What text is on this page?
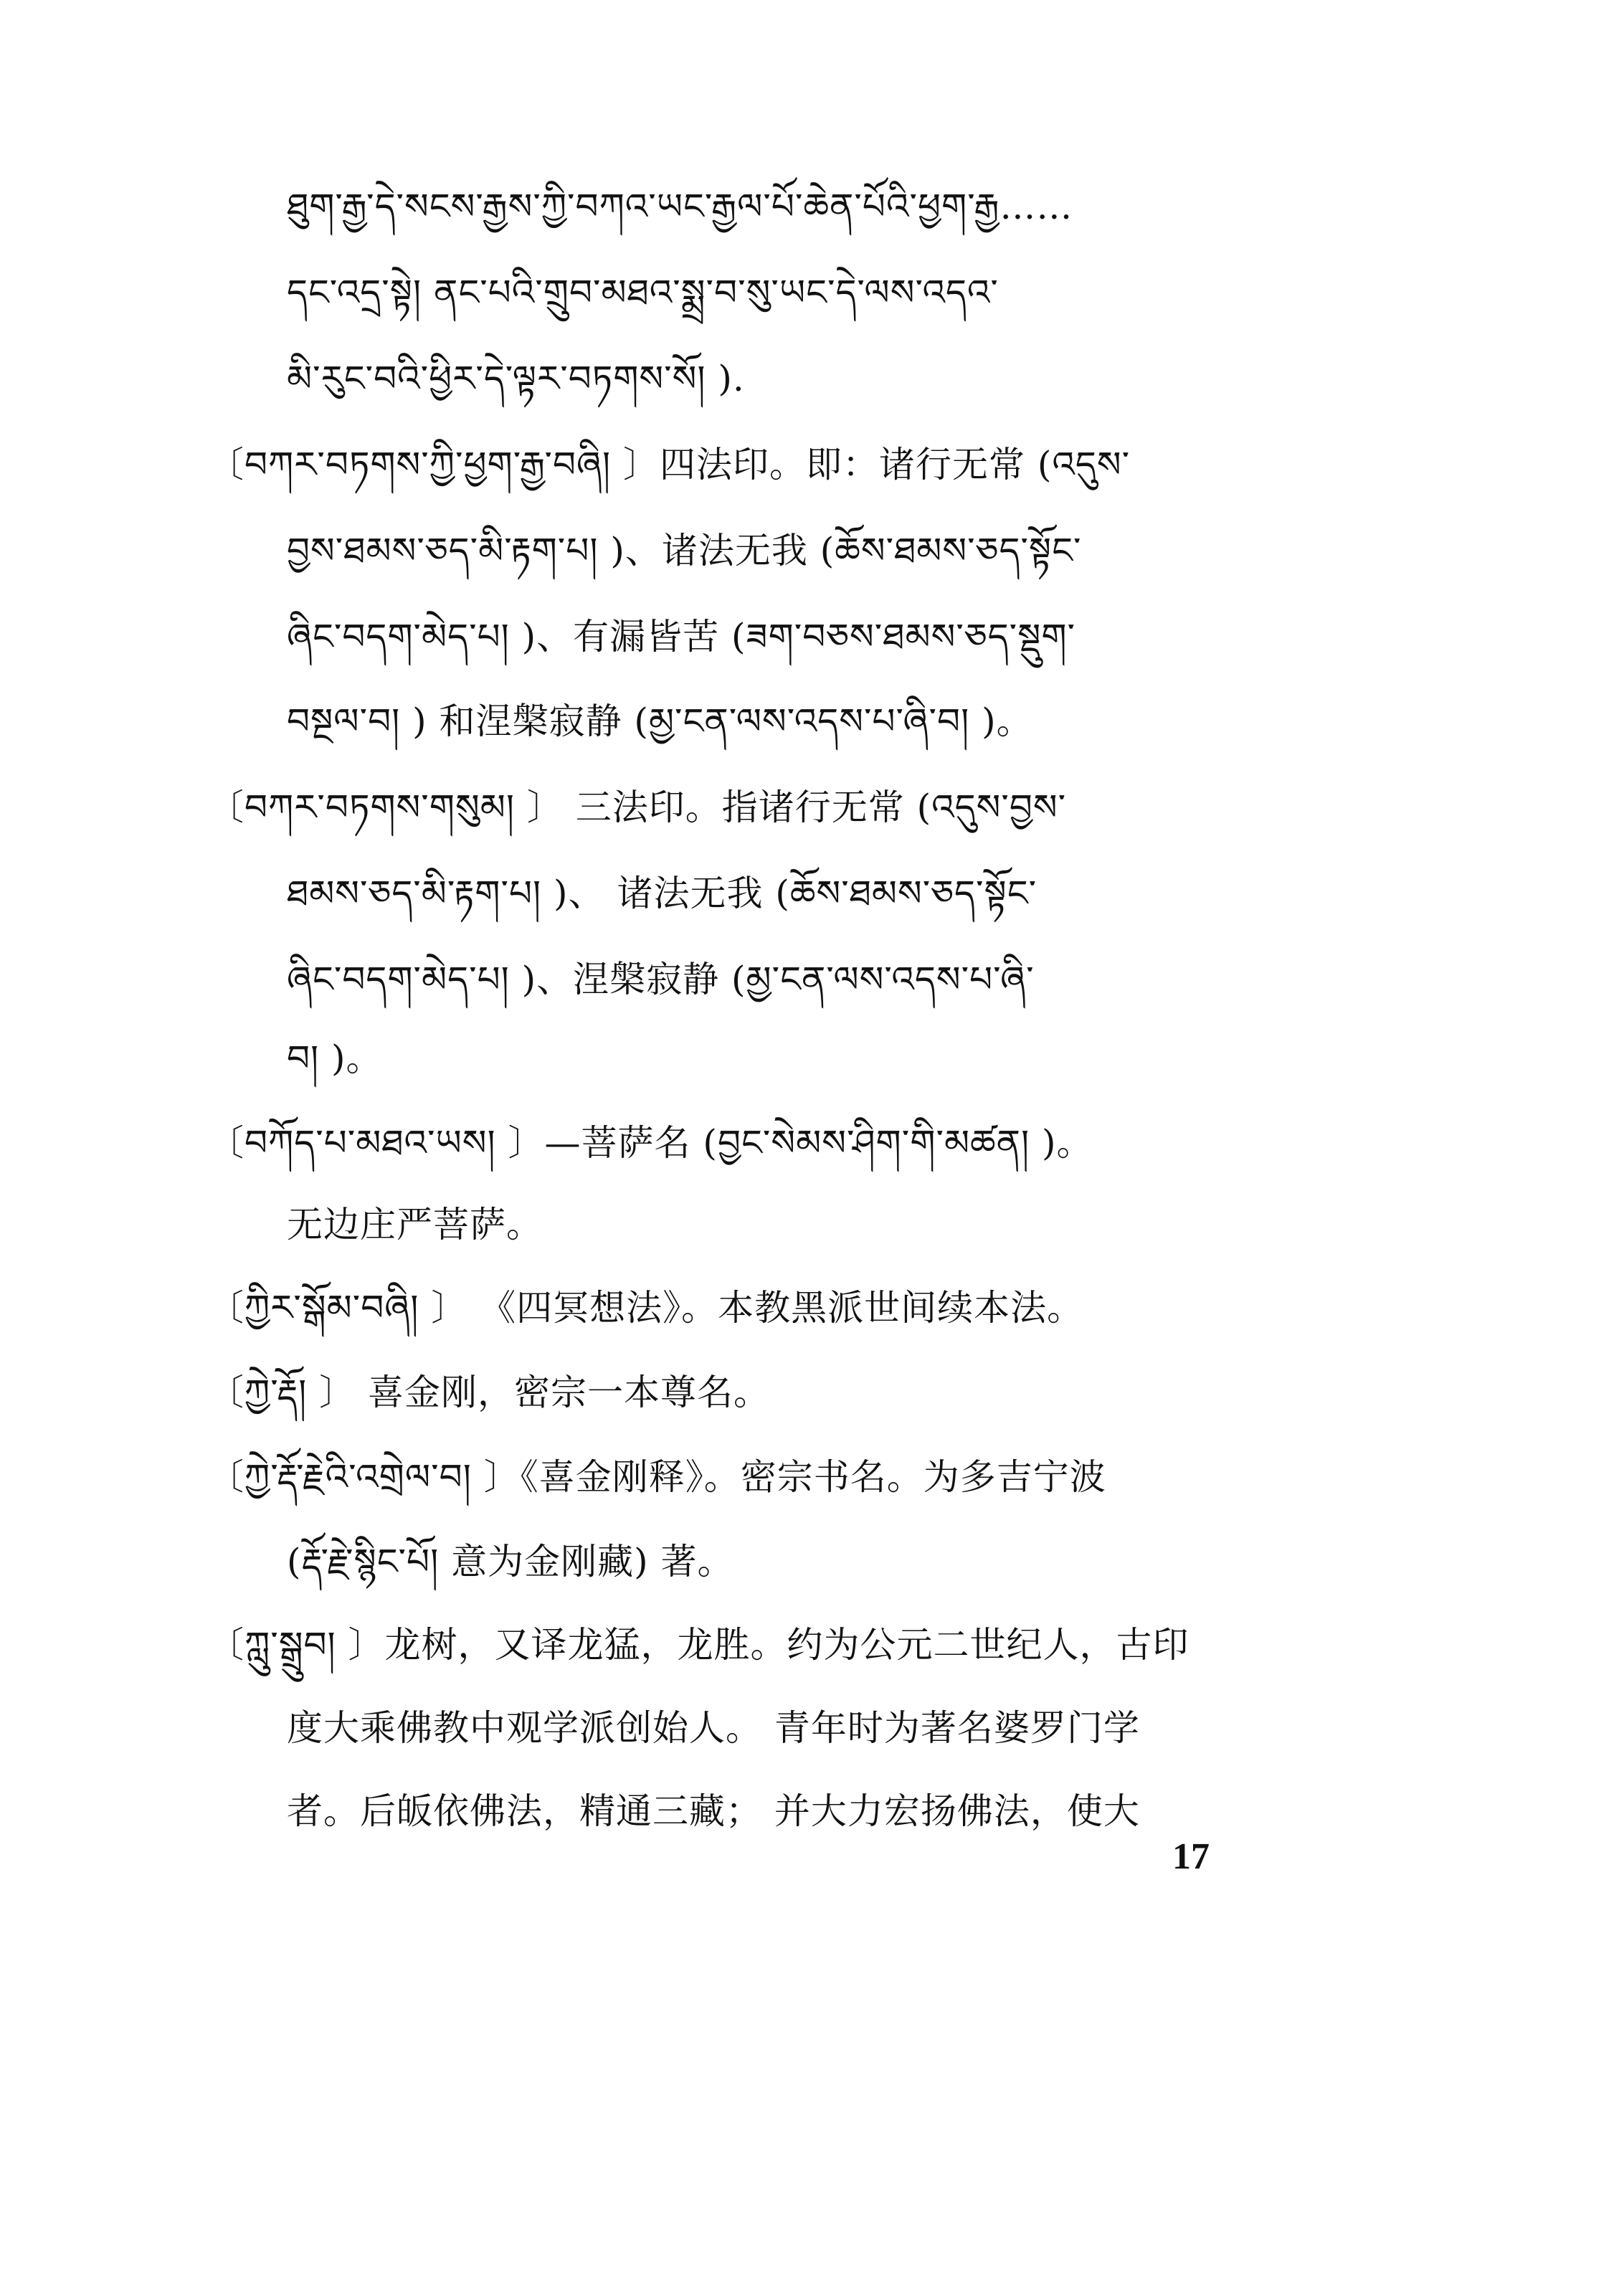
ཐུག་རྒྱ་དེ་སངས་རྒྱས་ཀྱི་བཀའ་ཡང་རྒྱལ་པོ་ཆེན་པོའི་ཕྱག་རྒྱ……
དང་འདྲ་སྟེ། ནང་པའི་གྲུབ་མཐའ་སྨྲ་བ་སུ་ཡང་དེ་ལས་འདའ་
མི་རུང་བའི་ཕྱིར་དེ་ལྟར་བཏགས་སོ། ).
〔བཀར་བཏགས་ཀྱི་ཕྱག་རྒྱ་བཞི། 〕四法印。即：诸行无常 (འདུས་
བྱས་ཐམས་ཅད་མི་རྟག་པ། )、诸法无我 (ཆོས་ཐམས་ཅད་སྟོང་
ཞིང་བདག་མེད་པ། )、有漏皆苦 (ཟག་བཅས་ཐམས་ཅད་སྡུག་
བསྔལ་བ། ) 和涅槃寂静 (མྱ་ངན་ལས་འདས་པ་ཞི་བ། )。
〔བཀར་བཏགས་གསུམ། 〕 三法印。指诸行无常 (འདུས་བྱས་
ཐམས་ཅད་མི་རྟག་པ། )、 诸法无我 (ཆོས་ཐམས་ཅད་སྟོང་
ཞིང་བདག་མེད་པ། )、涅槃寂静 (མྱ་ངན་ལས་འདས་པ་ཞི་
བ། )。
〔བཀོད་པ་མཐའ་ཡས། 〕—菩萨名 (བྱང་སེམས་ཤིག་གི་མཚན། )。
无边庄严菩萨。
〔ཀྱིར་སྒོམ་བཞི། 〕 《四冥想法》。本教黑派世间续本法。
〔ཀྱེ་རྡོ། 〕 喜金刚，密宗一本尊名。
〔ཀྱེ་རྡོ་རྗེའི་འགྲེལ་བ། 〕《喜金刚释》。密宗书名。为多吉宁波
(རྡོ་རྗེ་སྙིང་པོ། 意为金刚藏) 著。
〔ཀླུ་སྒྲུབ། 〕龙树，又译龙猛，龙胜。约为公元二世纪人，古印
度大乘佛教中观学派创始人。 青年时为著名婆罗门学
者。后皈依佛法，精通三藏； 并大力宏扬佛法，使大
17
